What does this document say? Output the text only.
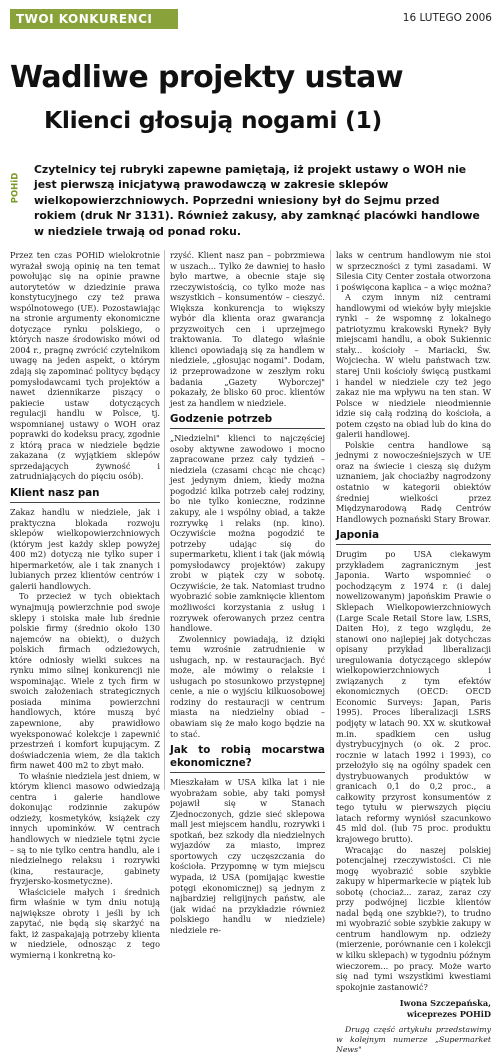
TWOI KONKURENCI	16 LUTEGO 2006
Wadliwe projekty ustaw
Klienci głosują nogami (1)
POHiD

Czytelnicy tej rubryki zapewne pamiętają, iż projekt ustawy o WOH nie jest pierwszą inicjatywą prawodawczą w zakresie sklepów wielkopowierzchniowych. Poprzedni wniesiony był do Sejmu przed rokiem (druk Nr 3131). Również zakusy, aby zamknąć placówki handlowe w niedziele trwają od ponad roku.

Przez ten czas POHiD wielokrotnie wyrażał swoją opinię na ten temat powołując się na opinie prawne autorytetów w dziedzinie prawa konstytucyjnego czy też prawa wspólnotowego (UE). Pozostawiając na stronie argumenty ekonomiczne dotyczące rynku polskiego, o których nasze środowisko mówi od 2004 r., pragnę zwrócić czytelnikom uwagę na jeden aspekt, o którym zdają się zapominać politycy będący pomysłodawcami tych projektów a nawet dziennikarze piszący o pakiecie ustaw dotyczących regulacji handlu w Polsce, tj. wspomnianej ustawy o WOH oraz poprawki do kodeksu pracy, zgodnie z którą praca w niedziele będzie zakazana (z wyjątkiem sklepów sprzedających żywność i zatrudniających do pięciu osób).

Klient nasz pan

Zakaz handlu w niedziele, jak i praktyczna blokada rozwoju sklepów wielkopowierzchniowych (którym jest każdy sklep powyżej 400 m2) dotyczą nie tylko super i hipermarketów, ale i tak znanych i lubianych przez klientów centrów i galerii handlowych.

To przecież w tych obiektach wynajmują powierzchnie pod swoje sklepy i stoiska małe lub średnie polskie firmy (średnio około 130 najemców na obiekt), o dużych polskich firmach odzieżowych, które odniosły wielki sukces na rynku mimo silnej konkurencji nie wspominając. Wiele z tych firm w swoich założeniach strategicznych posiada minima powierzchni handlowych, które muszą być zapewnione, aby prawidłowo wyeksponować kolekcje i zapewnić przestrzeń i komfort kupującym. Z doświadczenia wiem, że dla takich firm nawet 400 m2 to zbyt mało.

To właśnie niedziela jest dniem, w którym klienci masowo odwiedzają centra i galerie handlowe dokonując rodzinnie zakupów odzieży, kosmetyków, książek czy innych upominków. W centrach handlowych w niedziele tętni życie – są to nie tylko centra handlu, ale i niedzielnego relaksu i rozrywki (kina, restauracje, gabinety fryzjersko-kosmetyczne).

Właściciele małych i średnich firm właśnie w tym dniu notują największe obroty i jeśli by ich zapytać, nie będą się skarżyć na fakt, iż zaspakajają potrzeby klienta w niedziele, odnosząc z tego wymierną i konkretną ko-

rzyść. Klient nasz pan – pobrzmiewa w uszach... Tylko że dawniej to hasło było martwe, a obecnie staje się rzeczywistością, co tylko może nas wszystkich – konsumentów – cieszyć. Większa konkurencja to większy wybór dla klienta oraz gwarancja przyzwoitych cen i uprzejmego traktowania. To dlatego właśnie klienci opowiadają się za handlem w niedziele, „głosując nogami". Dodam, iż przeprowadzone w zeszłym roku badania „Gazety Wyborczej" pokazały, że blisko 60 proc. klientów jest za handlem w niedziele.

Godzenie potrzeb

„Niedzielni" klienci to najczęściej osoby aktywne zawodowo i mocno zapracowane przez cały tydzień – niedziela (czasami chcąc nie chcąc) jest jedynym dniem, kiedy można pogodzić kilka potrzeb całej rodziny, bo nie tylko konieczne, rodzinne zakupy, ale i wspólny obiad, a także rozrywkę i relaks (np. kino). Oczywiście można pogodzić te potrzeby udając się do supermarketu, klient i tak (jak mówią pomysłodawcy projektów) zakupy zrobi w piątek czy w sobotę. Oczywiście, że tak. Natomiast trudno wyobrazić sobie zamknięcie klientom możliwości korzystania z usług i rozrywek oferowanych przez centra handlowe.

Zwolennicy powiadają, iż dzięki temu wzrośnie zatrudnienie w usługach, np. w restauracjach. Być może, ale mówimy o relaksie i usługach po stosunkowo przystępnej cenie, a nie o wyjściu kilkuosobowej rodziny do restauracji w centrum miasta na niedzielny obiad – obawiam się że mało kogo będzie na to stać.

Jak to robią mocarstwa ekonomiczne?

Mieszkałam w USA kilka lat i nie wyobrażam sobie, aby taki pomysł pojawił się w Stanach Zjednoczonych, gdzie sieć sklepowa mall jest miejscem handlu, rozrywki i spotkań, bez szkody dla niedzielnych wyjazdów za miasto, imprez sportowych czy uczęszczania do kościoła. Przypomnę w tym miejscu wypada, iż USA (pomijając kwestie potęgi ekonomicznej) są jednym z najbardziej religijnych państw, ale (jak widać na przykładzie również polskiego handlu w niedziele) niedziele re-

laks w centrum handlowym nie stoi w sprzeczności z tymi zasadami. W Silesia City Center została otworzona i poświęcona kaplica – a więc można?

A czym innym niż centrami handlowymi od wieków były miejskie rynki – że wspomnę z lokalnego patriotyzmu krakowski Rynek? Były miejscami handlu, a obok Sukiennic stały... kościoły – Mariacki, Św. Wojciecha. W wielu państwach tzw. starej Unii kościoły święcą pustkami i handel w niedziele czy też jego zakaz nie ma wpływu na ten stan. W Polsce w niedziele nieodmiennie idzie się całą rodziną do kościoła, a potem często na obiad lub do kina do galerii handlowej.

Polskie centra handlowe są jednymi z nowocześniejszych w UE oraz na świecie i cieszą się dużym uznaniem, jak chociażby nagrodzony ostatnio w kategorii obiektów średniej wielkości przez Międzynarodową Radę Centrów Handlowych poznański Stary Browar.

Japonia

Drugim po USA ciekawym przykładem zagranicznym jest Japonia. Warto wspomnieć o pochodzącym z 1974 r. (i dalej nowelizowanym) japońskim Prawie o Sklepach Wielkopowierzchniowych (Large Scale Retail Store law, LSRS, Daiten Ho), z tego względu, że stanowi ono najlepiej jak dotychczas opisany przykład liberalizacji uregulowania dotyczącego sklepów wielkopowierzchniowych i związanych z tym efektów ekonomicznych (OECD: OECD Economic Surveys: Japan, Paris 1995). Proces liberalizacji LSRS podjęty w latach 90. XX w. skutkował m.in. spadkiem cen usług dystrybucyjnych (o ok. 2 proc. rocznie w latach 1992 i 1993), co przełożyło się na ogólny spadek cen dystrybuowanych produktów w granicach 0,1 do 0,2 proc., a całkowity przyrost konsumentów z tego tytułu w pierwszych pięciu latach reformy wyniósł szacunkowo 45 mld dol. (lub 75 proc. produktu krajowego brutto).

Wracając do naszej polskiej potencjalnej rzeczywistości. Ci nie mogę wyobrazić sobie szybkie zakupy w hipermarkecie w piątek lub sobotę (chociaż... zaraz, zaraz czy przy podwójnej liczbie klientów nadal będą one szybkie?), to trudno mi wyobrazić sobie szybkie zakupy w centrum handlowym np. odzieży (mierzenie, porównanie cen i kolekcji w kilku sklepach) w tygodniu późnym wieczorem... po pracy. Może warto się nad tymi wszystkimi kwestiami spokojnie zastanowić?

Iwona Szczepańska,
wiceprezes POHiD

Drugą część artykułu przedstawimy w kolejnym numerze „Supermarket News"
